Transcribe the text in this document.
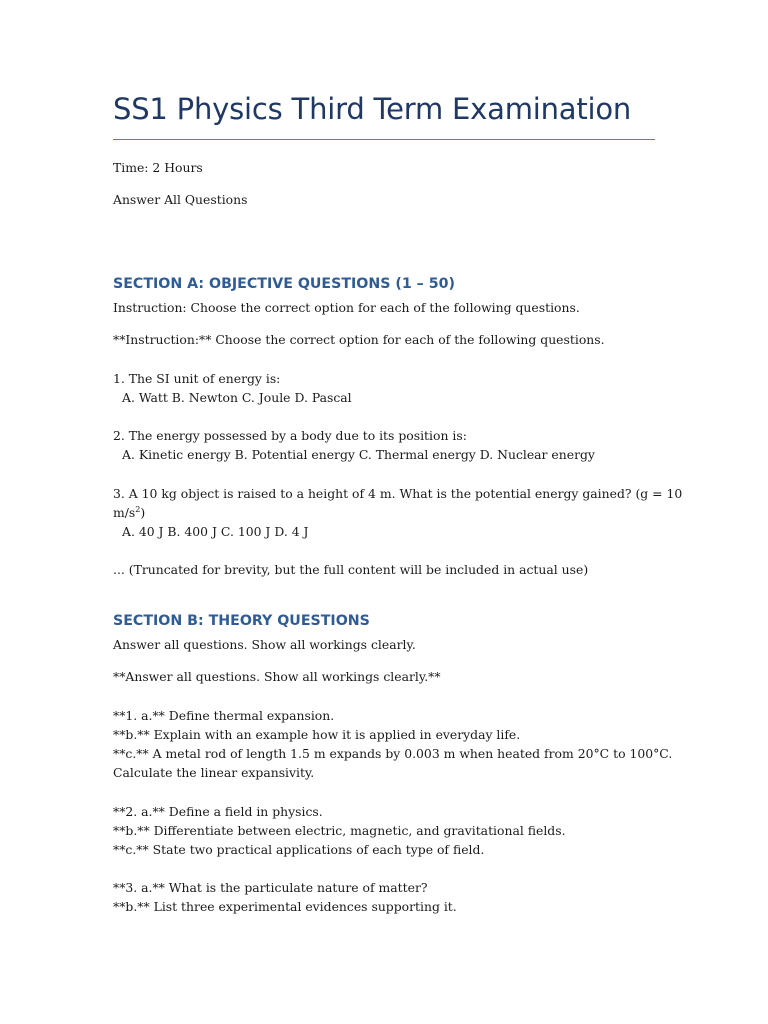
SS1 Physics Third Term Examination
Time: 2 Hours
Answer All Questions
SECTION A: OBJECTIVE QUESTIONS (1 – 50)
Instruction: Choose the correct option for each of the following questions.
**Instruction:** Choose the correct option for each of the following questions.
1. The SI unit of energy is:
A. Watt B. Newton C. Joule D. Pascal
2. The energy possessed by a body due to its position is:
A. Kinetic energy B. Potential energy C. Thermal energy D. Nuclear energy
3. A 10 kg object is raised to a height of 4 m. What is the potential energy gained? (g = 10
$m/s^2$)
A. 40 J B. 400 J C. 100 J D. 4 J
... (Truncated for brevity, but the full content will be included in actual use)
SECTION B: THEORY QUESTIONS
Answer all questions. Show all workings clearly.
**Answer all questions. Show all workings clearly.**
**1. a.** Define thermal expansion.
**b.** Explain with an example how it is applied in everyday life.
**c.** A metal rod of length 1.5 m expands by 0.003 m when heated from 20°C to 100°C.
Calculate the linear expansivity.
**2. a.** Define a field in physics.
**b.** Differentiate between electric, magnetic, and gravitational fields.
**c.** State two practical applications of each type of field.
**3. a.** What is the particulate nature of matter?
**b.** List three experimental evidences supporting it.
